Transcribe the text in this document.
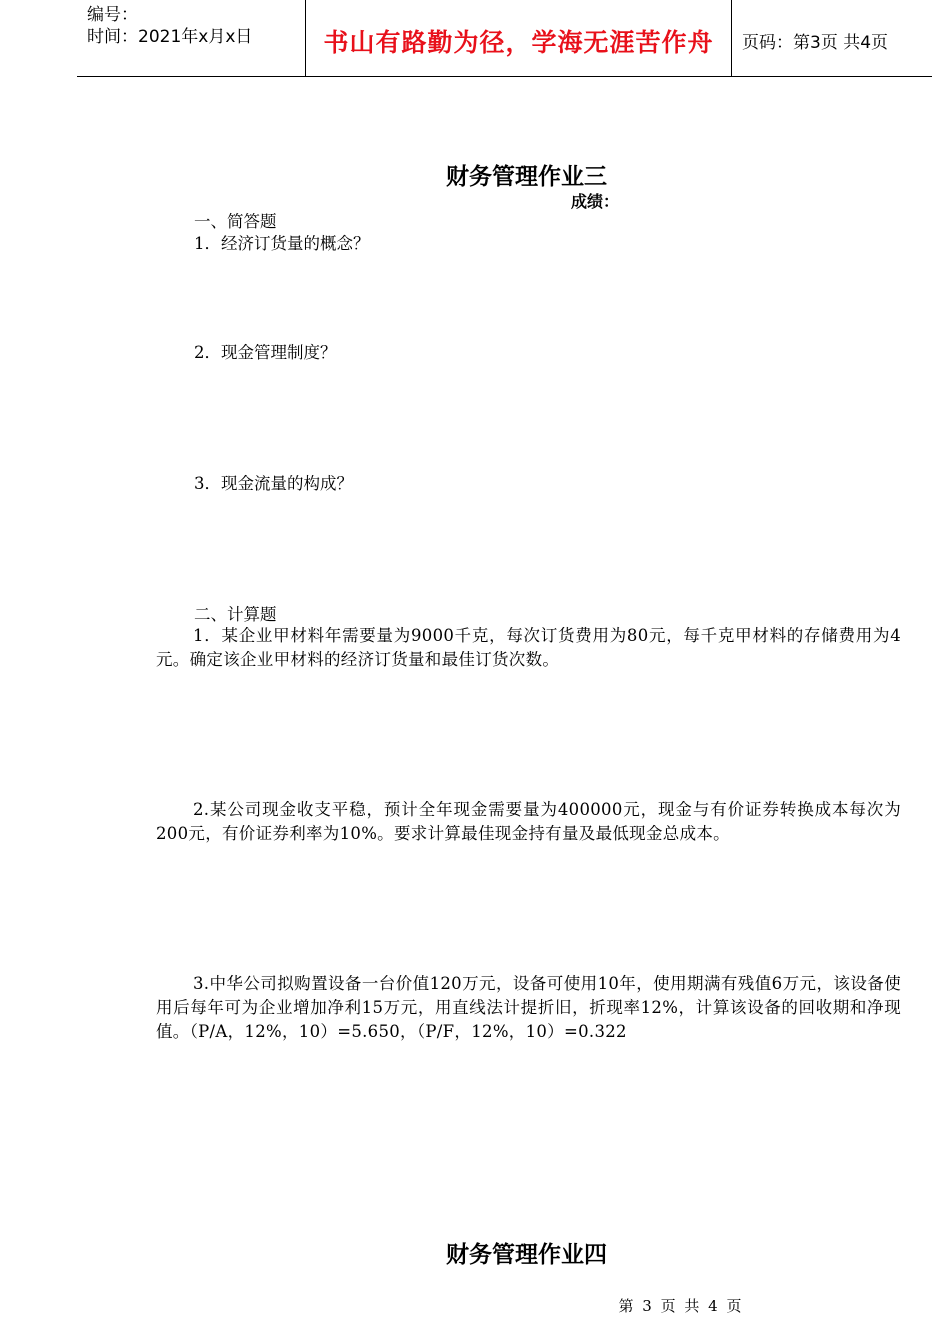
编号：
时间：2021年x月x日	书山有路勤为径，学海无涯苦作舟	页码：第3页 共4页
财务管理作业三
成绩：
一、简答题
1．经济订货量的概念？
2．现金管理制度？
3．现金流量的构成？
二、计算题
1．某企业甲材料年需要量为9000千克，每次订货费用为80元，每千克甲材料的存储费用为4元。确定该企业甲材料的经济订货量和最佳订货次数。
2.某公司现金收支平稳，预计全年现金需要量为400000元，现金与有价证券转换成本每次为200元，有价证券利率为10%。要求计算最佳现金持有量及最低现金总成本。
3.中华公司拟购置设备一台价值120万元，设备可使用10年，使用期满有残值6万元，该设备使用后每年可为企业增加净利15万元，用直线法计提折旧，折现率12%，计算该设备的回收期和净现值。（P/A，12%，10）=5.650，（P/F，12%，10）=0.322
财务管理作业四
第 3 页 共 4 页
